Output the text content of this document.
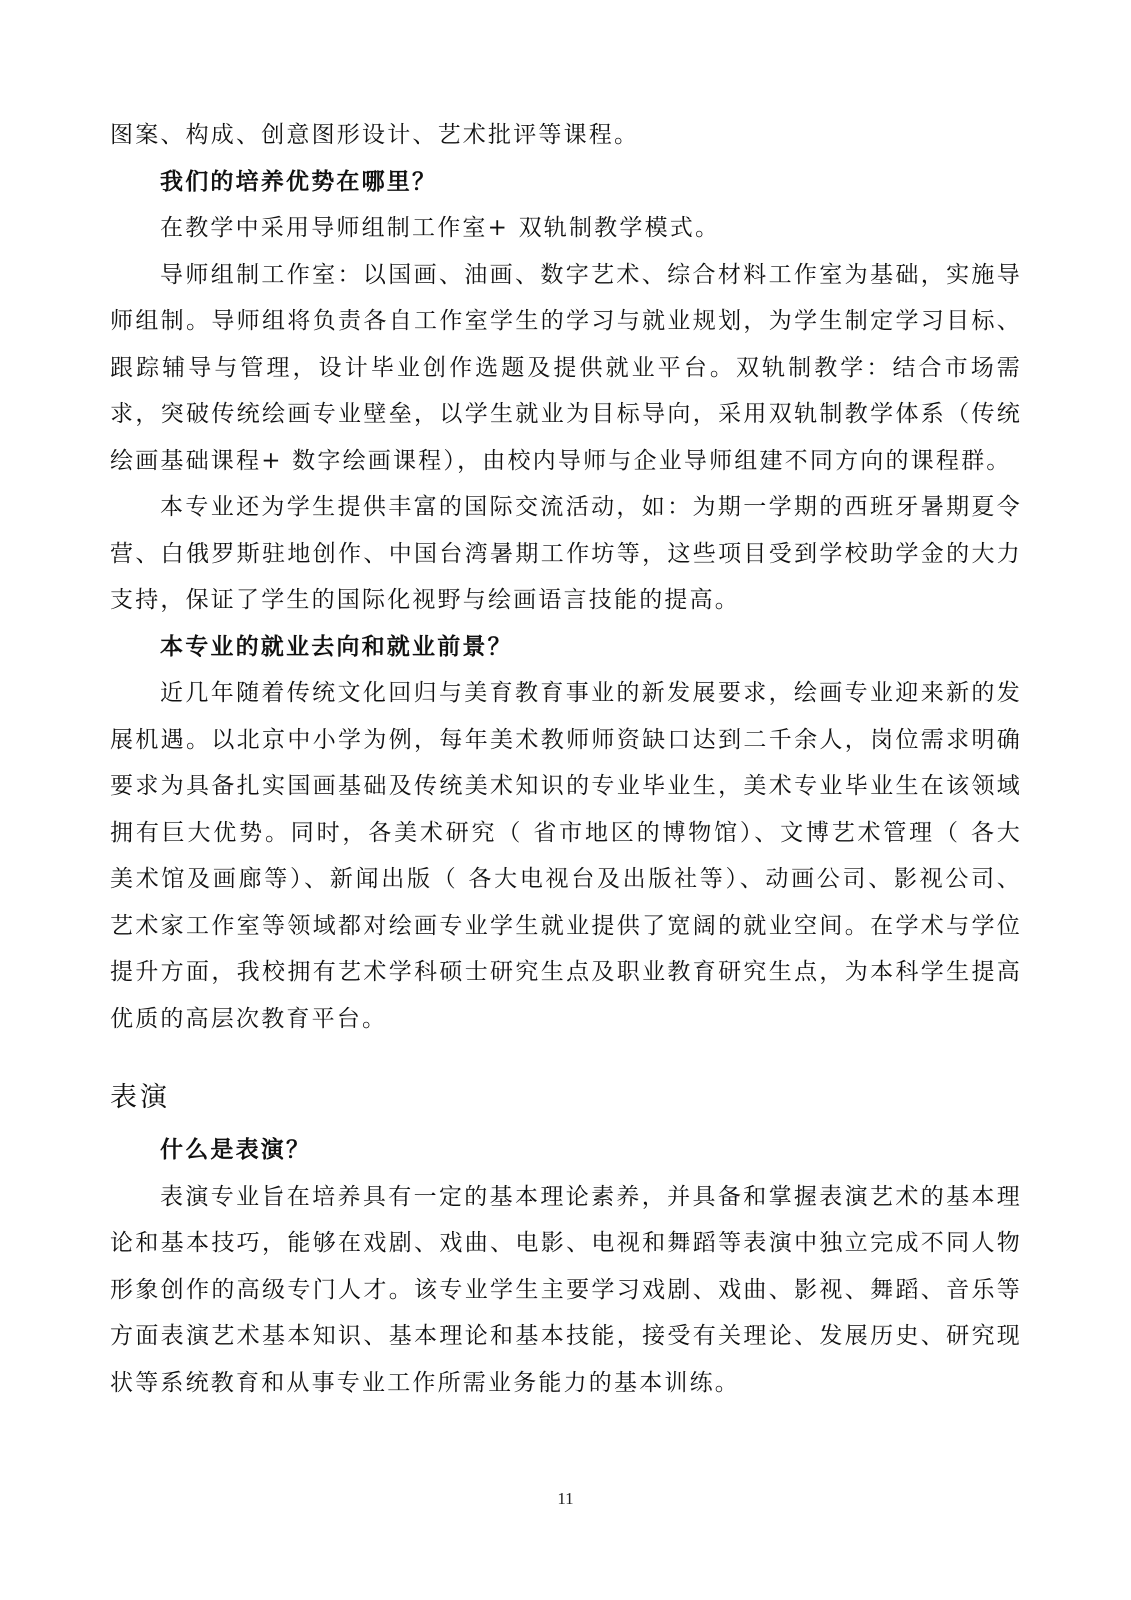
图案、构成、创意图形设计、艺术批评等课程。

我们的培养优势在哪里？

在教学中采用导师组制工作室+ 双轨制教学模式。

导师组制工作室：以国画、油画、数字艺术、综合材料工作室为基础，实施导师组制。导师组将负责各自工作室学生的学习与就业规划，为学生制定学习目标、跟踪辅导与管理，设计毕业创作选题及提供就业平台。双轨制教学：结合市场需求，突破传统绘画专业壁垒，以学生就业为目标导向，采用双轨制教学体系（传统绘画基础课程+ 数字绘画课程），由校内导师与企业导师组建不同方向的课程群。

本专业还为学生提供丰富的国际交流活动，如：为期一学期的西班牙暑期夏令营、白俄罗斯驻地创作、中国台湾暑期工作坊等，这些项目受到学校助学金的大力支持，保证了学生的国际化视野与绘画语言技能的提高。

本专业的就业去向和就业前景？

近几年随着传统文化回归与美育教育事业的新发展要求，绘画专业迎来新的发展机遇。以北京中小学为例，每年美术教师师资缺口达到二千余人，岗位需求明确要求为具备扎实国画基础及传统美术知识的专业毕业生，美术专业毕业生在该领域拥有巨大优势。同时，各美术研究（ 省市地区的博物馆）、文博艺术管理（ 各大美术馆及画廊等）、新闻出版（ 各大电视台及出版社等）、动画公司、影视公司、艺术家工作室等领域都对绘画专业学生就业提供了宽阔的就业空间。在学术与学位提升方面，我校拥有艺术学科硕士研究生点及职业教育研究生点，为本科学生提高优质的高层次教育平台。

表演

什么是表演？

表演专业旨在培养具有一定的基本理论素养，并具备和掌握表演艺术的基本理论和基本技巧，能够在戏剧、戏曲、电影、电视和舞蹈等表演中独立完成不同人物形象创作的高级专门人才。该专业学生主要学习戏剧、戏曲、影视、舞蹈、音乐等方面表演艺术基本知识、基本理论和基本技能，接受有关理论、发展历史、研究现状等系统教育和从事专业工作所需业务能力的基本训练。

11
